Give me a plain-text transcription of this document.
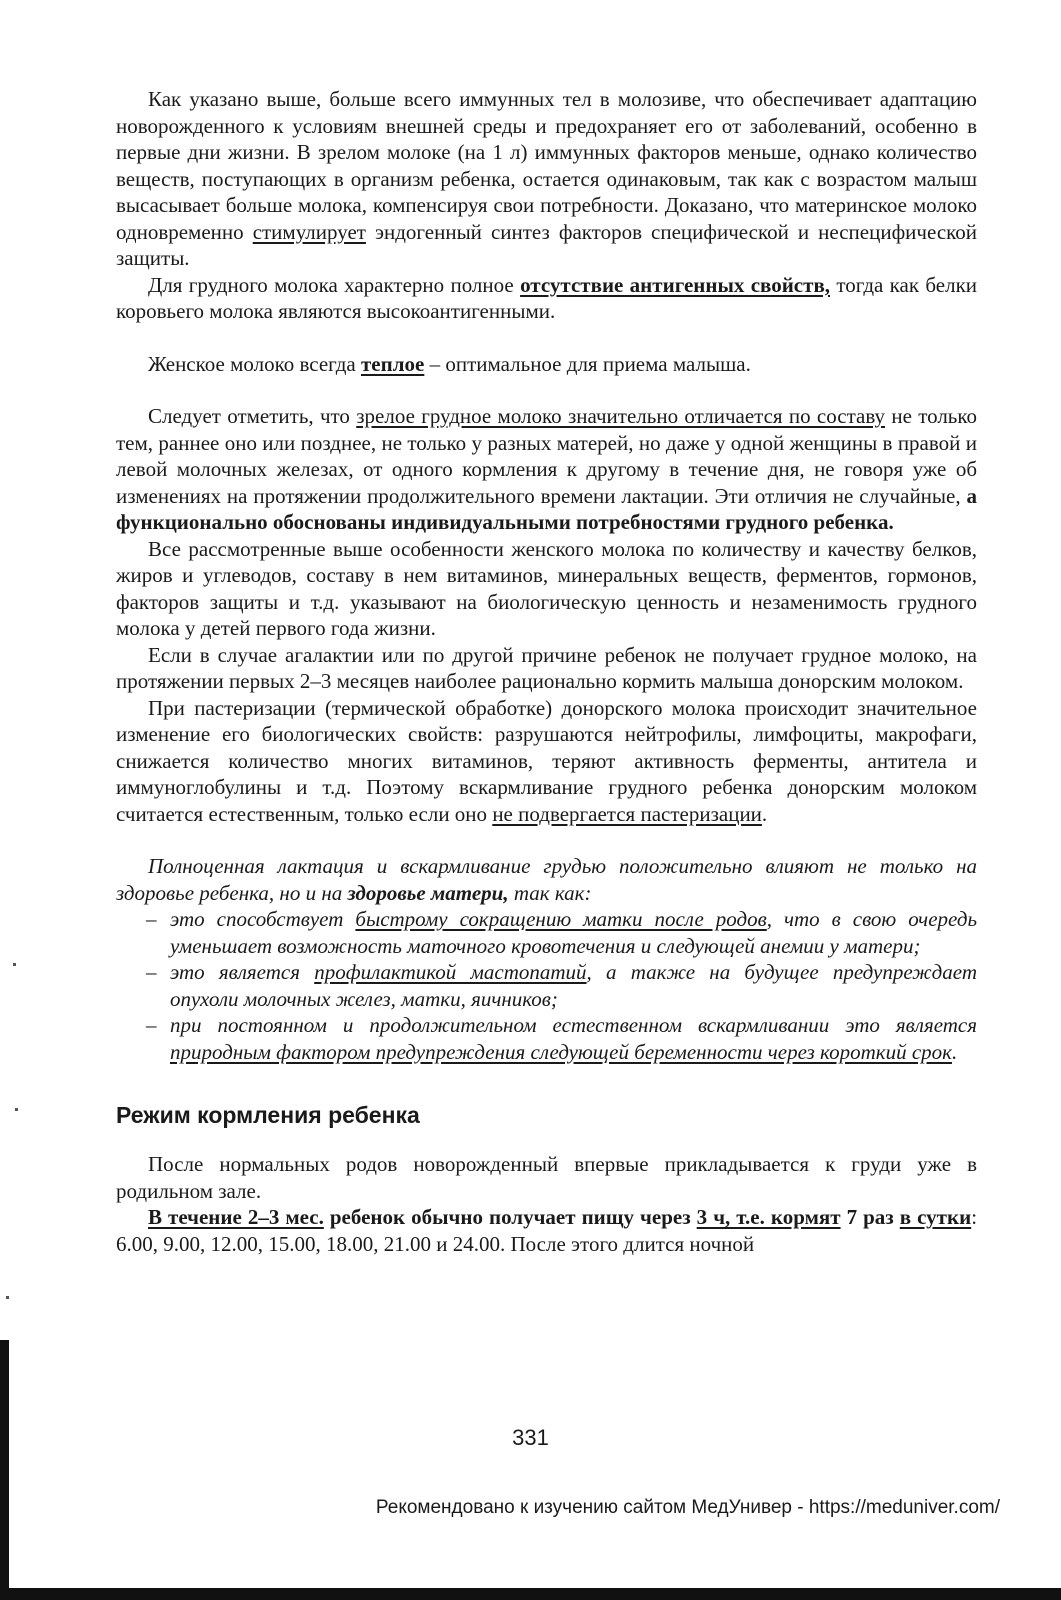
Как указано выше, больше всего иммунных тел в молозиве, что обеспечивает адаптацию новорожденного к условиям внешней среды и предохраняет его от заболеваний, особенно в первые дни жизни. В зрелом молоке (на 1 л) иммунных факторов меньше, однако количество веществ, поступающих в организм ребенка, остается одинаковым, так как с возрастом малыш высасывает больше молока, компенсируя свои потребности. Доказано, что материнское молоко одновременно стимулирует эндогенный синтез факторов специфической и неспецифической защиты.

Для грудного молока характерно полное отсутствие антигенных свойств, тогда как белки коровьего молока являются высокоантигенными.

Женское молоко всегда теплое – оптимальное для приема малыша.

Следует отметить, что зрелое грудное молоко значительно отличается по составу не только тем, раннее оно или позднее, не только у разных матерей, но даже у одной женщины в правой и левой молочных железах, от одного кормления к другому в течение дня, не говоря уже об изменениях на протяжении продолжительного времени лактации. Эти отличия не случайные, а функционально обоснованы индивидуальными потребностями грудного ребенка.

Все рассмотренные выше особенности женского молока по количеству и качеству белков, жиров и углеводов, составу в нем витаминов, минеральных веществ, ферментов, гормонов, факторов защиты и т.д. указывают на биологическую ценность и незаменимость грудного молока у детей первого года жизни.

Если в случае агалактии или по другой причине ребенок не получает грудное молоко, на протяжении первых 2–3 месяцев наиболее рационально кормить малыша донорским молоком.

При пастеризации (термической обработке) донорского молока происходит значительное изменение его биологических свойств: разрушаются нейтрофилы, лимфоциты, макрофаги, снижается количество многих витаминов, теряют активность ферменты, антитела и иммуноглобулины и т.д. Поэтому вскармливание грудного ребенка донорским молоком считается естественным, только если оно не подвергается пастеризации.

Полноценная лактация и вскармливание грудью положительно влияют не только на здоровье ребенка, но и на здоровье матери, так как:

– это способствует быстрому сокращению матки после родов, что в свою очередь уменьшает возможность маточного кровотечения и следующей анемии у матери;
– это является профилактикой мастопатий, а также на будущее предупреждает опухоли молочных желез, матки, яичников;
– при постоянном и продолжительном естественном вскармливании это является природным фактором предупреждения следующей беременности через короткий срок.
Режим кормления ребенка

После нормальных родов новорожденный впервые прикладывается к груди уже в родильном зале.

В течение 2–3 мес. ребенок обычно получает пищу через 3 ч, т.е. кормят 7 раз в сутки: 6.00, 9.00, 12.00, 15.00, 18.00, 21.00 и 24.00. После этого длится ночной

331
Рекомендовано к изучению сайтом МедУнивер - https://meduniver.com/
